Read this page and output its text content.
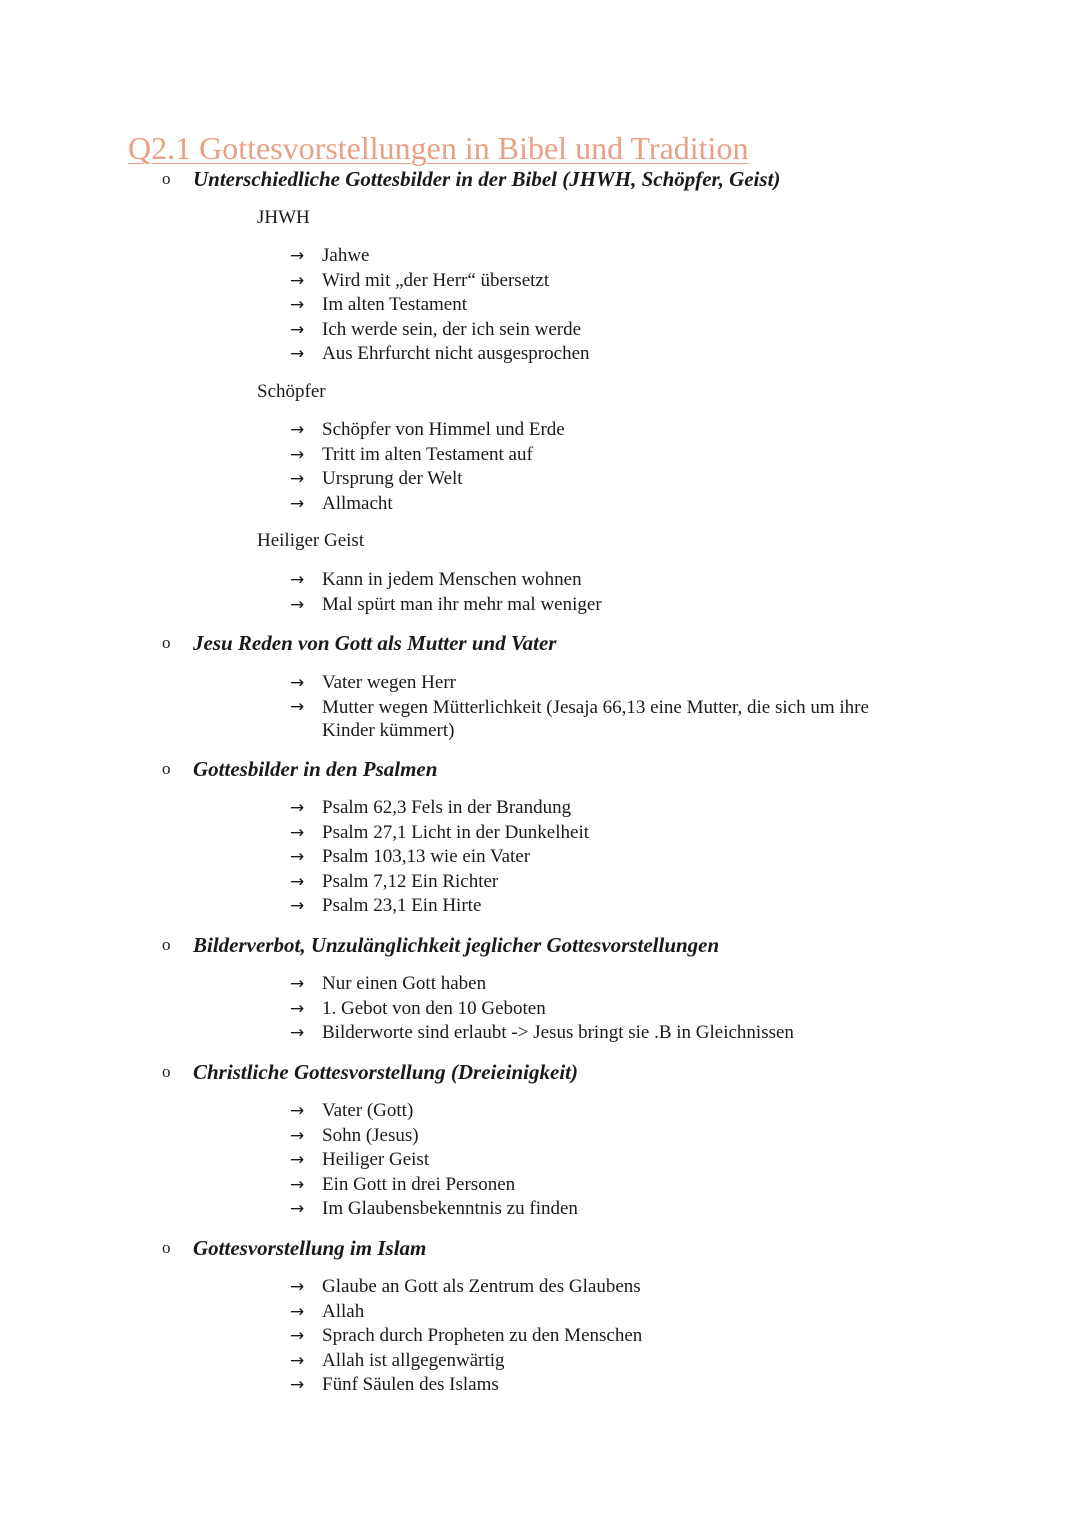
Q2.1 Gottesvorstellungen in Bibel und Tradition
o Unterschiedliche Gottesbilder in der Bibel (JHWH, Schöpfer, Geist)

JHWH

→ Jahwe
→ Wird mit „der Herr“ übersetzt
→ Im alten Testament
→ Ich werde sein, der ich sein werde
→ Aus Ehrfurcht nicht ausgesprochen

Schöpfer

→ Schöpfer von Himmel und Erde
→ Tritt im alten Testament auf
→ Ursprung der Welt
→ Allmacht

Heiliger Geist

→ Kann in jedem Menschen wohnen
→ Mal spürt man ihr mehr mal weniger
o Jesu Reden von Gott als Mutter und Vater
→ Vater wegen Herr
→ Mutter wegen Mütterlichkeit (Jesaja 66,13 eine Mutter, die sich um ihre Kinder kümmert)
o Gottesbilder in den Psalmen
→ Psalm 62,3 Fels in der Brandung
→ Psalm 27,1 Licht in der Dunkelheit
→ Psalm 103,13 wie ein Vater
→ Psalm 7,12 Ein Richter
→ Psalm 23,1 Ein Hirte
o Bilderverbot, Unzulänglichkeit jeglicher Gottesvorstellungen
→ Nur einen Gott haben
→ 1. Gebot von den 10 Geboten
→ Bilderworte sind erlaubt -> Jesus bringt sie .B in Gleichnissen
o Christliche Gottesvorstellung (Dreieinigkeit)
→ Vater (Gott)
→ Sohn (Jesus)
→ Heiliger Geist
→ Ein Gott in drei Personen
→ Im Glaubensbekenntnis zu finden
o Gottesvorstellung im Islam
→ Glaube an Gott als Zentrum des Glaubens
→ Allah
→ Sprach durch Propheten zu den Menschen
→ Allah ist allgegenwärtig
→ Fünf Säulen des Islams
